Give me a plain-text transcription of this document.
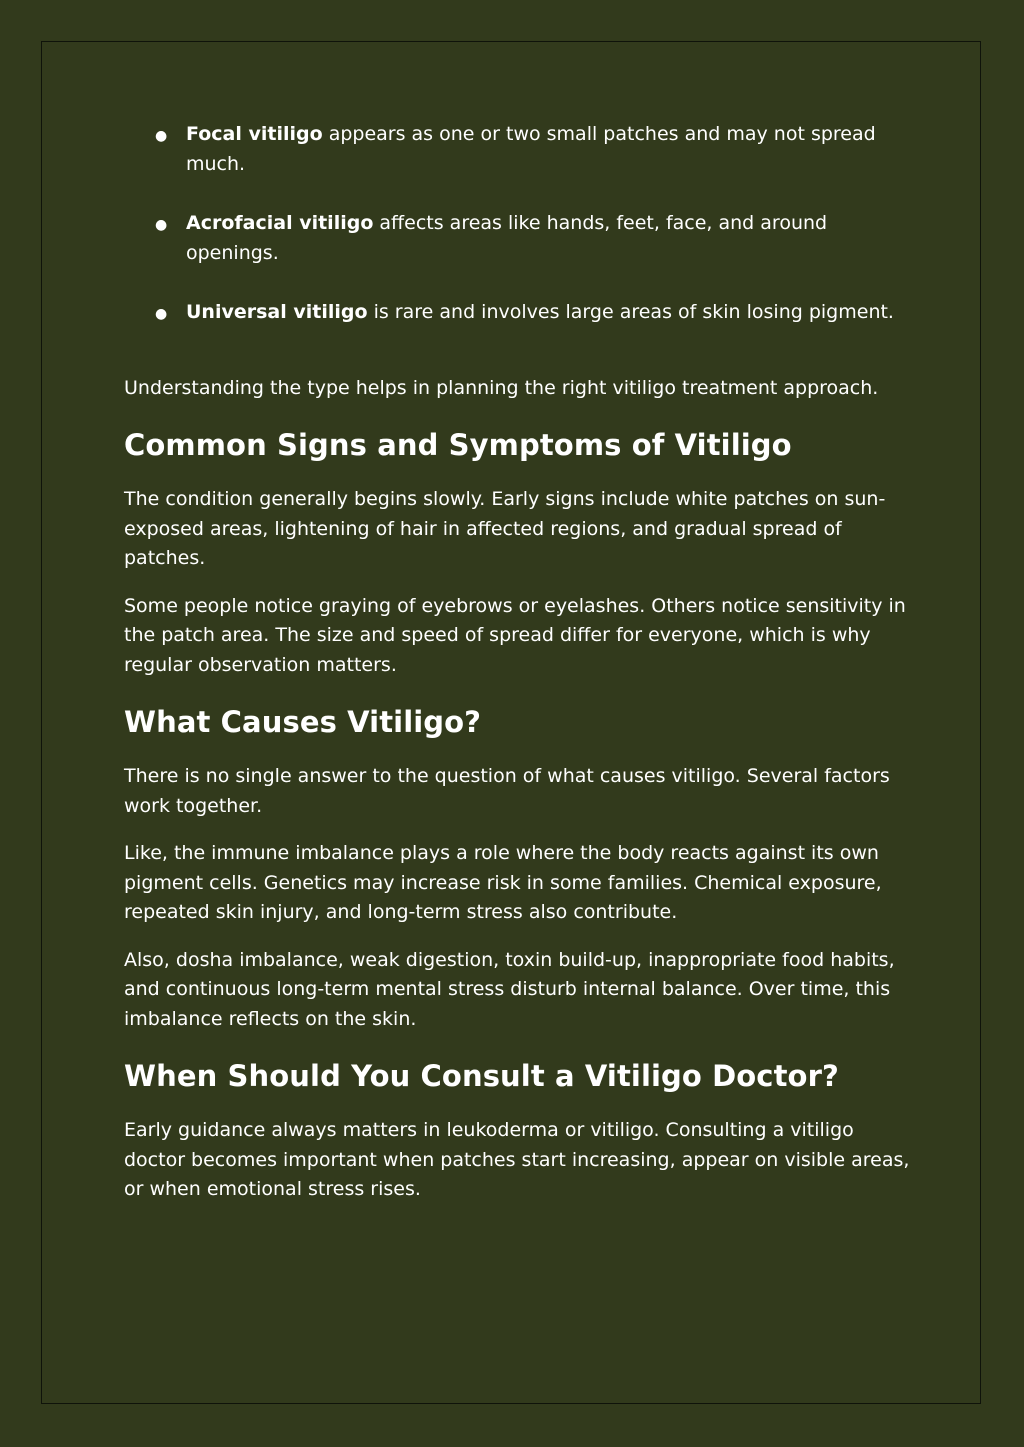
● Focal vitiligo appears as one or two small patches and may not spread much.
● Acrofacial vitiligo affects areas like hands, feet, face, and around openings.
● Universal vitiligo is rare and involves large areas of skin losing pigment.

Understanding the type helps in planning the right vitiligo treatment approach.

Common Signs and Symptoms of Vitiligo

The condition generally begins slowly. Early signs include white patches on sun-exposed areas, lightening of hair in affected regions, and gradual spread of patches.

Some people notice graying of eyebrows or eyelashes. Others notice sensitivity in the patch area. The size and speed of spread differ for everyone, which is why regular observation matters.

What Causes Vitiligo?

There is no single answer to the question of what causes vitiligo. Several factors work together.

Like, the immune imbalance plays a role where the body reacts against its own pigment cells. Genetics may increase risk in some families. Chemical exposure, repeated skin injury, and long-term stress also contribute.

Also, dosha imbalance, weak digestion, toxin build-up, inappropriate food habits, and continuous long-term mental stress disturb internal balance. Over time, this imbalance reflects on the skin.

When Should You Consult a Vitiligo Doctor?

Early guidance always matters in leukoderma or vitiligo. Consulting a vitiligo doctor becomes important when patches start increasing, appear on visible areas, or when emotional stress rises.
